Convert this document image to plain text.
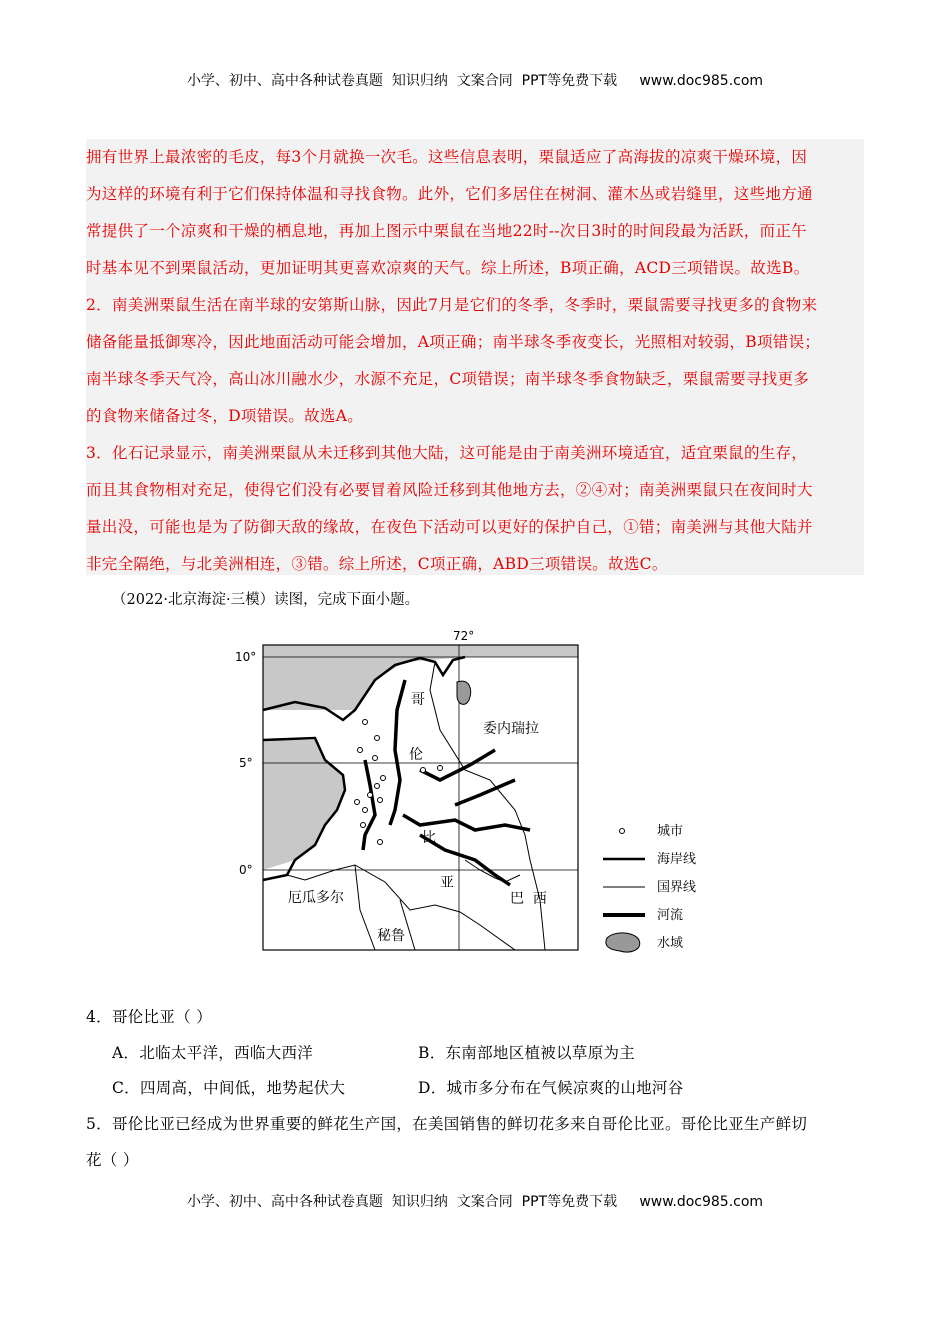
小学、初中、高中各种试卷真题  知识归纳  文案合同  PPT等免费下载     www.doc985.com

拥有世界上最浓密的毛皮，每3个月就换一次毛。这些信息表明，栗鼠适应了高海拔的凉爽干燥环境，因

为这样的环境有利于它们保持体温和寻找食物。此外，它们多居住在树洞、灌木丛或岩缝里，这些地方通

常提供了一个凉爽和干燥的栖息地，再加上图示中栗鼠在当地22时--次日3时的时间段最为活跃，而正午

时基本见不到栗鼠活动，更加证明其更喜欢凉爽的天气。综上所述，B项正确，ACD三项错误。故选B。

2．南美洲栗鼠生活在南半球的安第斯山脉，因此7月是它们的冬季，冬季时，栗鼠需要寻找更多的食物来

储备能量抵御寒冷，因此地面活动可能会增加，A项正确；南半球冬季夜变长，光照相对较弱，B项错误；

南半球冬季天气冷，高山冰川融水少，水源不充足，C项错误；南半球冬季食物缺乏，栗鼠需要寻找更多

的食物来储备过冬，D项错误。故选A。

3．化石记录显示，南美洲栗鼠从未迁移到其他大陆，这可能是由于南美洲环境适宜，适宜栗鼠的生存，

而且其食物相对充足，使得它们没有必要冒着风险迁移到其他地方去，②④对；南美洲栗鼠只在夜间时大

量出没，可能也是为了防御天敌的缘故，在夜色下活动可以更好的保护自己，①错；南美洲与其他大陆并

非完全隔绝，与北美洲相连，③错。综上所述，C项正确，ABD三项错误。故选C。

（2022·北京海淀·三模）读图，完成下面小题。
72°
10°
5°
0°
哥
伦
比
亚
委内瑞拉
厄瓜多尔
秘鲁
巴  西
城市
海岸线
国界线
河流
水域
4．哥伦比亚（ ）
A．北临太平洋，西临大西洋	B．东南部地区植被以草原为主
C．四周高，中间低，地势起伏大	D．城市多分布在气候凉爽的山地河谷
5．哥伦比亚已经成为世界重要的鲜花生产国，在美国销售的鲜切花多来自哥伦比亚。哥伦比亚生产鲜切
花（ ）
小学、初中、高中各种试卷真题  知识归纳  文案合同  PPT等免费下载     www.doc985.com
